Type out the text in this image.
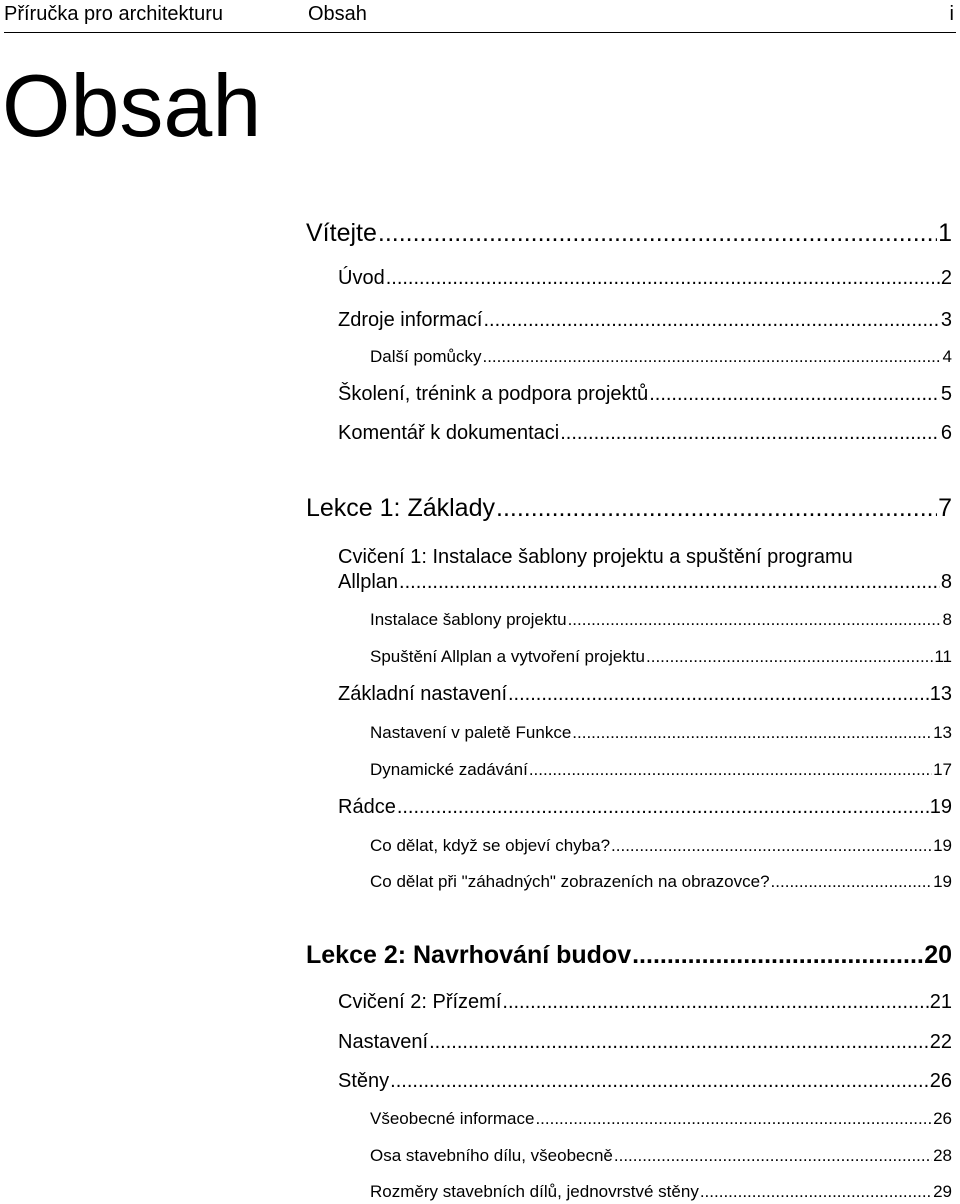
Příručka pro architekturu	Obsah	i
Obsah
Vítejte .....	1
Úvod .....	2
Zdroje informací .....	3
Další pomůcky .....	4
Školení, trénink a podpora projektů .....	5
Komentář k dokumentaci .....	6
Lekce 1: Základy .....	7
Cvičení 1: Instalace šablony projektu a spuštění programu
Allplan .....	8
Instalace šablony projektu .....	8
Spuštění Allplan a vytvoření projektu .....	11
Základní nastavení .....	13
Nastavení v paletě Funkce .....	13
Dynamické zadávání .....	17
Rádce .....	19
Co dělat, když se objeví chyba? .....	19
Co dělat při "záhadných" zobrazeních na obrazovce? .....	19
Lekce 2: Navrhování budov .....	20
Cvičení 2: Přízemí .....	21
Nastavení .....	22
Stěny .....	26
Všeobecné informace .....	26
Osa stavebního dílu, všeobecně .....	28
Rozměry stavebních dílů, jednovrstvé stěny .....	29
